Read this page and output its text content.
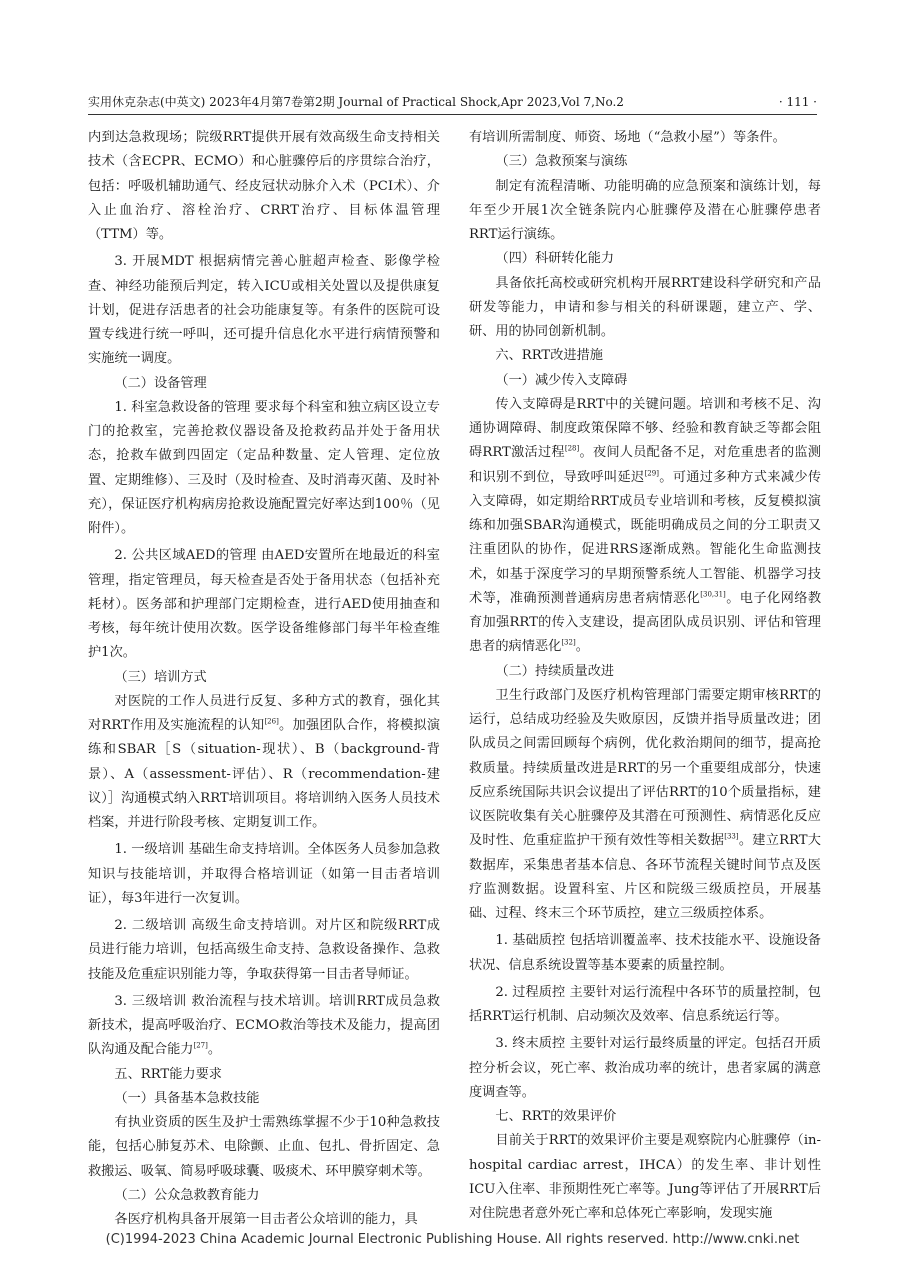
实用休克杂志(中英文) 2023年4月第7卷第2期 Journal of Practical Shock,Apr 2023,Vol 7,No.2	· 111 ·

内到达急救现场；院级RRT提供开展有效高级生命支持相关技术（含ECPR、ECMO）和心脏骤停后的序贯综合治疗，包括：呼吸机辅助通气、经皮冠状动脉介入术（PCI术）、介入止血治疗、溶栓治疗、CRRT治疗、目标体温管理（TTM）等。

3. 开展MDT 根据病情完善心脏超声检查、影像学检查、神经功能预后判定，转入ICU或相关处置以及提供康复计划，促进存活患者的社会功能康复等。有条件的医院可设置专线进行统一呼叫，还可提升信息化水平进行病情预警和实施统一调度。

（二）设备管理

1. 科室急救设备的管理 要求每个科室和独立病区设立专门的抢救室，完善抢救仪器设备及抢救药品并处于备用状态，抢救车做到四固定（定品种数量、定人管理、定位放置、定期维修）、三及时（及时检查、及时消毒灭菌、及时补充），保证医疗机构病房抢救设施配置完好率达到100％（见附件）。

2. 公共区域AED的管理 由AED安置所在地最近的科室管理，指定管理员，每天检查是否处于备用状态（包括补充耗材）。医务部和护理部门定期检查，进行AED使用抽查和考核，每年统计使用次数。医学设备维修部门每半年检查维护1次。

（三）培训方式

对医院的工作人员进行反复、多种方式的教育，强化其对RRT作用及实施流程的认知[26]。加强团队合作，将模拟演练和SBAR［S（situation-现状）、B（background-背景）、A（assessment-评估）、R（recommendation-建议）］沟通模式纳入RRT培训项目。将培训纳入医务人员技术档案，并进行阶段考核、定期复训工作。

1. 一级培训 基础生命支持培训。全体医务人员参加急救知识与技能培训，并取得合格培训证（如第一目击者培训证），每3年进行一次复训。

2. 二级培训 高级生命支持培训。对片区和院级RRT成员进行能力培训，包括高级生命支持、急救设备操作、急救技能及危重症识别能力等，争取获得第一目击者导师证。

3. 三级培训 救治流程与技术培训。培训RRT成员急救新技术，提高呼吸治疗、ECMO救治等技术及能力，提高团队沟通及配合能力[27]。

五、RRT能力要求

（一）具备基本急救技能

有执业资质的医生及护士需熟练掌握不少于10种急救技能，包括心肺复苏术、电除颤、止血、包扎、骨折固定、急救搬运、吸氧、简易呼吸球囊、吸痰术、环甲膜穿刺术等。

（二）公众急救教育能力

各医疗机构具备开展第一目击者公众培训的能力，具

有培训所需制度、师资、场地（“急救小屋”）等条件。

（三）急救预案与演练

制定有流程清晰、功能明确的应急预案和演练计划，每年至少开展1次全链条院内心脏骤停及潜在心脏骤停患者RRT运行演练。

（四）科研转化能力

具备依托高校或研究机构开展RRT建设科学研究和产品研发等能力，申请和参与相关的科研课题，建立产、学、研、用的协同创新机制。

六、RRT改进措施

（一）减少传入支障碍

传入支障碍是RRT中的关键问题。培训和考核不足、沟通协调障碍、制度政策保障不够、经验和教育缺乏等都会阻碍RRT激活过程[28]。夜间人员配备不足，对危重患者的监测和识别不到位，导致呼叫延迟[29]。可通过多种方式来减少传入支障碍，如定期给RRT成员专业培训和考核，反复模拟演练和加强SBAR沟通模式，既能明确成员之间的分工职责又注重团队的协作，促进RRS逐渐成熟。智能化生命监测技术，如基于深度学习的早期预警系统人工智能、机器学习技术等，准确预测普通病房患者病情恶化[30,31]。电子化网络教育加强RRT的传入支建设，提高团队成员识别、评估和管理患者的病情恶化[32]。

（二）持续质量改进

卫生行政部门及医疗机构管理部门需要定期审核RRT的运行，总结成功经验及失败原因，反馈并指导质量改进；团队成员之间需回顾每个病例，优化救治期间的细节，提高抢救质量。持续质量改进是RRT的另一个重要组成部分，快速反应系统国际共识会议提出了评估RRT的10个质量指标，建议医院收集有关心脏骤停及其潜在可预测性、病情恶化反应及时性、危重症监护干预有效性等相关数据[33]。建立RRT大数据库，采集患者基本信息、各环节流程关键时间节点及医疗监测数据。设置科室、片区和院级三级质控员，开展基础、过程、终末三个环节质控，建立三级质控体系。

1. 基础质控 包括培训覆盖率、技术技能水平、设施设备状况、信息系统设置等基本要素的质量控制。

2. 过程质控 主要针对运行流程中各环节的质量控制，包括RRT运行机制、启动频次及效率、信息系统运行等。

3. 终末质控 主要针对运行最终质量的评定。包括召开质控分析会议，死亡率、救治成功率的统计，患者家属的满意度调查等。

七、RRT的效果评价

目前关于RRT的效果评价主要是观察院内心脏骤停（in-hospital cardiac arrest，IHCA）的发生率、非计划性ICU入住率、非预期性死亡率等。Jung等评估了开展RRT后对住院患者意外死亡率和总体死亡率影响，发现实施

(C)1994-2023 China Academic Journal Electronic Publishing House. All rights reserved. http://www.cnki.net
